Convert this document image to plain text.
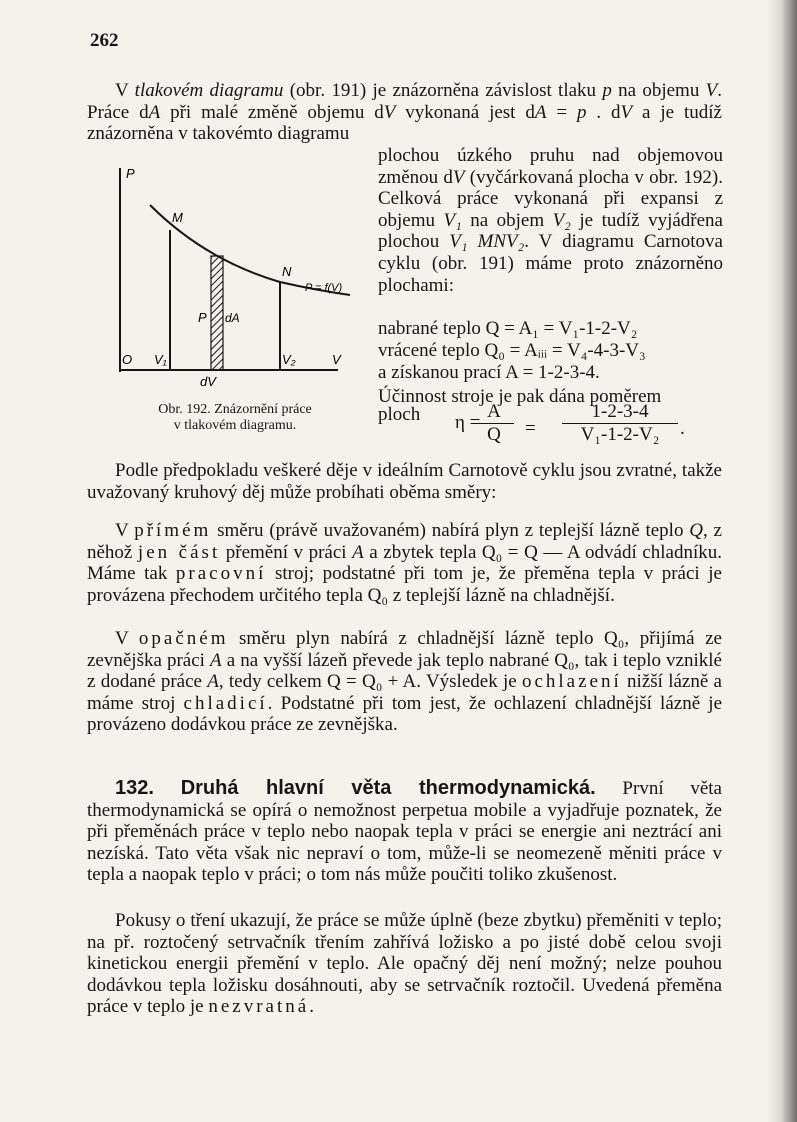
262

V tlakovém diagramu (obr. 191) je znázorněna závislost tlaku p na objemu V. Práce dA při malé změně objemu dV vykonaná jest dA = p . dV a je tudíž znázorněna v takovémto diagramu

P
M
N
P = f(V)
P dA
O V₁	V₂	V
dV
Obr. 192. Znázornění práce
v tlakovém diagramu.

plochou úzkého pruhu nad objemovou změnou dV (vyčárkovaná plocha v obr. 192). Celková práce vykonaná při expansi z objemu V₁ na objem V₂ je tudíž vyjádřena plochou V₁ MNV₂. V diagramu Carnotova cyklu (obr. 191) máme proto znázorněno plochami:

nabrané teplo Q = A₁ = V₁-1-2-V₂
vrácené teplo Q₀ = Aᵢᵢᵢ = V₄-4-3-V₃
a získanou prací A = 1-2-3-4.
Účinnost stroje je pak dána poměrem
ploch η =
$\frac{A}{Q} = \frac{1-2-3-4}{\text{V₁-1-2-V₂}}$ .

Podle předpokladu veškeré děje v ideálním Carnotově cyklu jsou zvratné, takže uvažovaný kruhový děj může probíhati oběma směry:

V přímém směru (právě uvažovaném) nabírá plyn z teplejší lázně teplo Q, z něhož jen část přemění v práci A a zbytek tepla Q₀ = Q — A odvádí chladníku. Máme tak pracovní stroj; podstatné při tom je, že přeměna tepla v práci je provázena přechodem určitého tepla Q₀ z teplejší lázně na chladnější.

V opačném směru plyn nabírá z chladnější lázně teplo Q₀, přijímá ze zevnějška práci A a na vyšší lázeň převede jak teplo nabrané Q₀, tak i teplo vzniklé z dodané práce A, tedy celkem Q = Q₀ + A. Výsledek je ochlazení nižší lázně a máme stroj chladicí. Podstatné při tom jest, že ochlazení chladnější lázně je provázeno dodávkou práce ze zevnějška.

132. Druhá hlavní věta thermodynamická. První věta thermodynamická se opírá o nemožnost perpetua mobile a vyjadřuje poznatek, že při přeměnách práce v teplo nebo naopak tepla v práci se energie ani neztrácí ani nezíská. Tato věta však nic nepraví o tom, může-li se neomezeně měniti práce v tepla a naopak teplo v práci; o tom nás může poučiti toliko zkušenost.

Pokusy o tření ukazují, že práce se může úplně (beze zbytku) přeměniti v teplo; na př. roztočený setrvačník třením zahřívá ložisko a po jisté době celou svoji kinetickou energii přemění v teplo. Ale opačný děj není možný; nelze pouhou dodávkou tepla ložisku dosáhnouti, aby se setrvačník roztočil. Uvedená přeměna práce v teplo je nezvratná.
